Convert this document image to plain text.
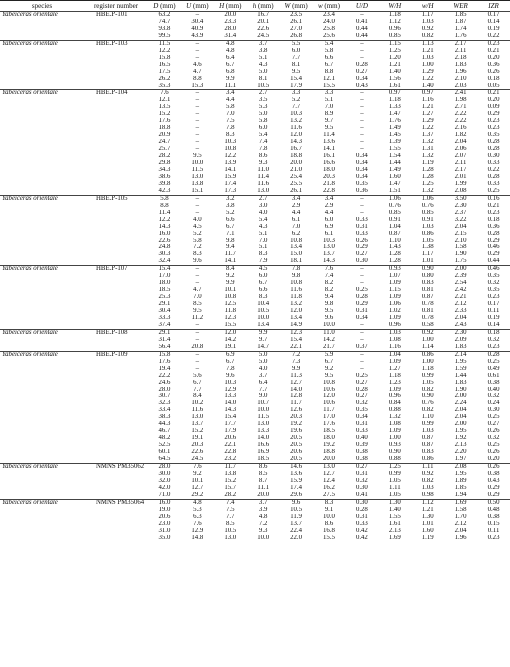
species	register number	D (mm)	U (mm)	H (mm)	h (mm)	W (mm)	w (mm)	U/D	W/H	w/H	WER	IZR
Yabeiceras orientale	HBE.P-101	63.2	–	20.0	16.7	23.5	23.4	–	1.18	1.17	1.85	0.17
		74.7	30.4	23.3	20.1	26.1	24.0	0.41	1.12	1.03	1.87	0.14
		93.8	40.9	28.0	22.6	27.0	25.8	0.44	0.96	0.92	1.74	0.19
		99.5	43.9	31.4	24.5	26.8	25.6	0.44	0.85	0.82	1.76	0.22
Yabeiceras orientale	HBE.P-103	11.5	–	4.8	3.7	5.5	5.4	–	1.15	1.13	2.17	0.23
		12.2	–	4.8	3.8	6.0	5.8	–	1.25	1.21	2.11	0.21
		15.8	–	6.4	5.1	7.7	6.6	–	1.20	1.03	2.18	0.20
		16.5	4.6	6.7	4.3	8.1	6.7	0.28	1.21	1.00	1.83	0.36
		17.5	4.7	6.8	5.0	9.5	8.8	0.27	1.40	1.29	1.96	0.26
		26.2	8.8	9.9	8.1	15.4	12.1	0.34	1.56	1.22	2.10	0.18
		35.3	15.3	11.1	10.5	17.9	15.5	0.43	1.61	1.40	2.03	0.05
Yabeiceras orientale	HBE.P-104	7.6	–	3.4	2.7	3.3	3.3	–	0.97	0.97	2.41	0.21
		12.1	–	4.4	3.5	5.2	5.1	–	1.18	1.16	1.98	0.20
		13.5	–	5.8	5.3	7.7	7.0	–	1.33	1.21	2.71	0.09
		15.2	–	7.0	5.0	10.3	8.9	–	1.47	1.27	2.22	0.29
		17.6	–	7.5	5.8	13.2	9.7	–	1.76	1.29	2.22	0.23
		18.8	–	7.8	6.0	11.6	9.5	–	1.49	1.22	2.16	0.23
		20.9	–	8.3	5.4	12.0	11.4	–	1.45	1.37	1.82	0.35
		24.7	–	10.3	7.4	14.3	13.6	–	1.39	1.32	2.04	0.28
		25.7	–	10.8	7.8	16.7	14.1	–	1.55	1.31	2.06	0.28
		28.2	9.5	12.2	8.6	18.8	16.1	0.34	1.54	1.32	2.07	0.30
		29.8	10.0	13.9	9.3	20.0	16.6	0.34	1.44	1.19	2.11	0.33
		34.3	11.5	14.1	11.0	21.0	18.0	0.34	1.49	1.28	2.17	0.22
		38.6	13.0	15.9	11.4	25.4	20.3	0.34	1.60	1.28	2.01	0.28
		39.8	13.8	17.4	11.6	25.5	21.8	0.35	1.47	1.25	1.99	0.33
		42.3	15.1	17.3	13.0	26.1	22.8	0.36	1.51	1.32	2.08	0.25
Yabeiceras orientale	HBE.P-105	5.8	–	3.2	2.7	3.4	3.4	–	1.06	1.06	3.50	0.16
		8.8	–	3.8	3.0	2.9	2.9	–	0.76	0.76	2.30	0.21
		11.4	–	5.2	4.0	4.4	4.4	–	0.85	0.85	2.37	0.23
		12.2	4.0	6.6	5.4	6.1	6.0	0.33	0.91	0.91	3.22	0.18
		14.3	4.5	6.7	4.3	7.0	6.9	0.31	1.04	1.03	2.04	0.36
		16.0	5.2	7.1	5.1	6.2	6.1	0.33	0.87	0.86	2.15	0.28
		22.6	5.8	9.8	7.0	10.8	10.3	0.26	1.10	1.05	2.10	0.29
		24.8	7.2	9.4	5.1	13.4	13.0	0.29	1.43	1.38	1.58	0.46
		30.3	8.3	11.7	8.3	15.0	13.7	0.27	1.28	1.17	1.90	0.29
		32.4	9.6	14.1	7.9	18.1	14.3	0.30	1.28	1.01	1.75	0.44
Yabeiceras orientale	HBE.P-107	15.4	–	8.4	4.5	7.8	7.6	–	0.93	0.90	2.00	0.46
		17.0	–	9.2	6.0	9.8	7.4	–	1.07	0.80	2.39	0.35
		18.0	–	9.9	6.7	10.8	8.2	–	1.09	0.83	2.54	0.32
		18.5	4.7	10.1	6.6	11.6	8.2	0.25	1.15	0.81	2.42	0.35
		25.3	7.0	10.8	8.3	11.8	9.4	0.28	1.09	0.87	2.21	0.23
		29.1	8.5	12.5	10.4	13.2	9.8	0.29	1.06	0.78	2.12	0.17
		30.4	9.5	11.8	10.5	12.0	9.5	0.31	1.02	0.81	2.33	0.11
		33.3	11.2	12.3	10.0	13.4	9.6	0.34	1.09	0.78	2.04	0.19
		37.4	–	15.5	13.4	14.9	10.0	–	0.96	0.58	2.43	0.14
Yabeiceras orientale	HBE.P-108	29.1	–	12.0	9.9	12.3	11.0	–	1.03	0.92	2.30	0.18
		31.4	–	14.2	9.7	15.4	14.2	–	1.08	1.00	2.09	0.32
		56.4	20.8	19.1	14.7	22.1	21.7	0.37	1.16	1.14	1.83	0.23
Yabeiceras orientale	HBE.P-109	15.8	–	6.9	5.0	7.2	5.9	–	1.04	0.86	2.14	0.28
		17.6	–	6.7	5.0	7.3	6.7	–	1.09	1.00	1.95	0.25
		19.4	–	7.8	4.0	9.9	9.2	–	1.27	1.18	1.59	0.49
		22.2	5.6	9.6	3.7	11.3	9.5	0.25	1.18	0.99	1.44	0.61
		24.6	6.7	10.3	6.4	12.7	10.8	0.27	1.23	1.05	1.83	0.38
		28.0	7.7	12.9	7.7	14.0	10.6	0.28	1.09	0.82	1.90	0.40
		30.7	8.4	13.3	9.0	12.8	12.0	0.27	0.96	0.90	2.00	0.32
		32.3	10.2	14.0	10.7	11.7	10.6	0.32	0.84	0.76	2.24	0.24
		33.4	11.6	14.3	10.0	12.6	11.7	0.35	0.88	0.82	2.04	0.30
		38.3	13.0	15.4	11.5	20.3	17.0	0.34	1.32	1.10	2.04	0.25
		44.3	13.7	17.7	13.0	19.2	17.6	0.31	1.08	0.99	2.00	0.27
		46.7	15.2	17.9	13.3	19.6	18.5	0.33	1.09	1.03	1.95	0.26
		48.2	19.1	20.6	14.0	20.5	18.0	0.40	1.00	0.87	1.92	0.32
		52.5	20.3	22.1	16.6	20.5	19.2	0.39	0.93	0.87	2.13	0.25
		60.1	22.6	22.8	16.9	20.6	18.8	0.38	0.90	0.83	2.20	0.26
		64.5	24.5	23.2	18.5	20.5	20.0	0.38	0.88	0.86	1.97	0.20
Yabeiceras orientale	NMNS PM35062	28.0	7.6	11.7	8.6	14.6	13.0	0.27	1.25	1.11	2.08	0.26
		30.0	9.2	13.8	8.5	13.6	12.7	0.31	0.99	0.92	1.95	0.38
		32.0	10.1	15.2	8.7	15.9	12.4	0.32	1.05	0.82	1.89	0.43
		42.0	12.7	15.7	11.1	17.4	16.2	0.30	1.11	1.03	1.85	0.29
		71.0	29.2	28.2	20.0	29.6	27.5	0.41	1.05	0.98	1.94	0.29
Yabeiceras orientale	NMNS PM35064	16.0	4.8	7.4	3.7	9.6	8.3	0.30	1.30	1.12	1.69	0.50
		19.0	5.3	7.5	3.9	10.5	9.1	0.28	1.40	1.21	1.58	0.48
		20.6	6.3	7.7	4.8	11.9	10.0	0.31	1.55	1.30	1.70	0.38
		23.0	7.6	8.5	7.2	13.7	8.6	0.33	1.61	1.01	2.12	0.15
		31.0	12.9	10.5	9.3	22.4	16.8	0.42	2.13	1.60	2.04	0.11
		35.0	14.8	13.0	10.0	22.0	15.5	0.42	1.69	1.19	1.96	0.23
